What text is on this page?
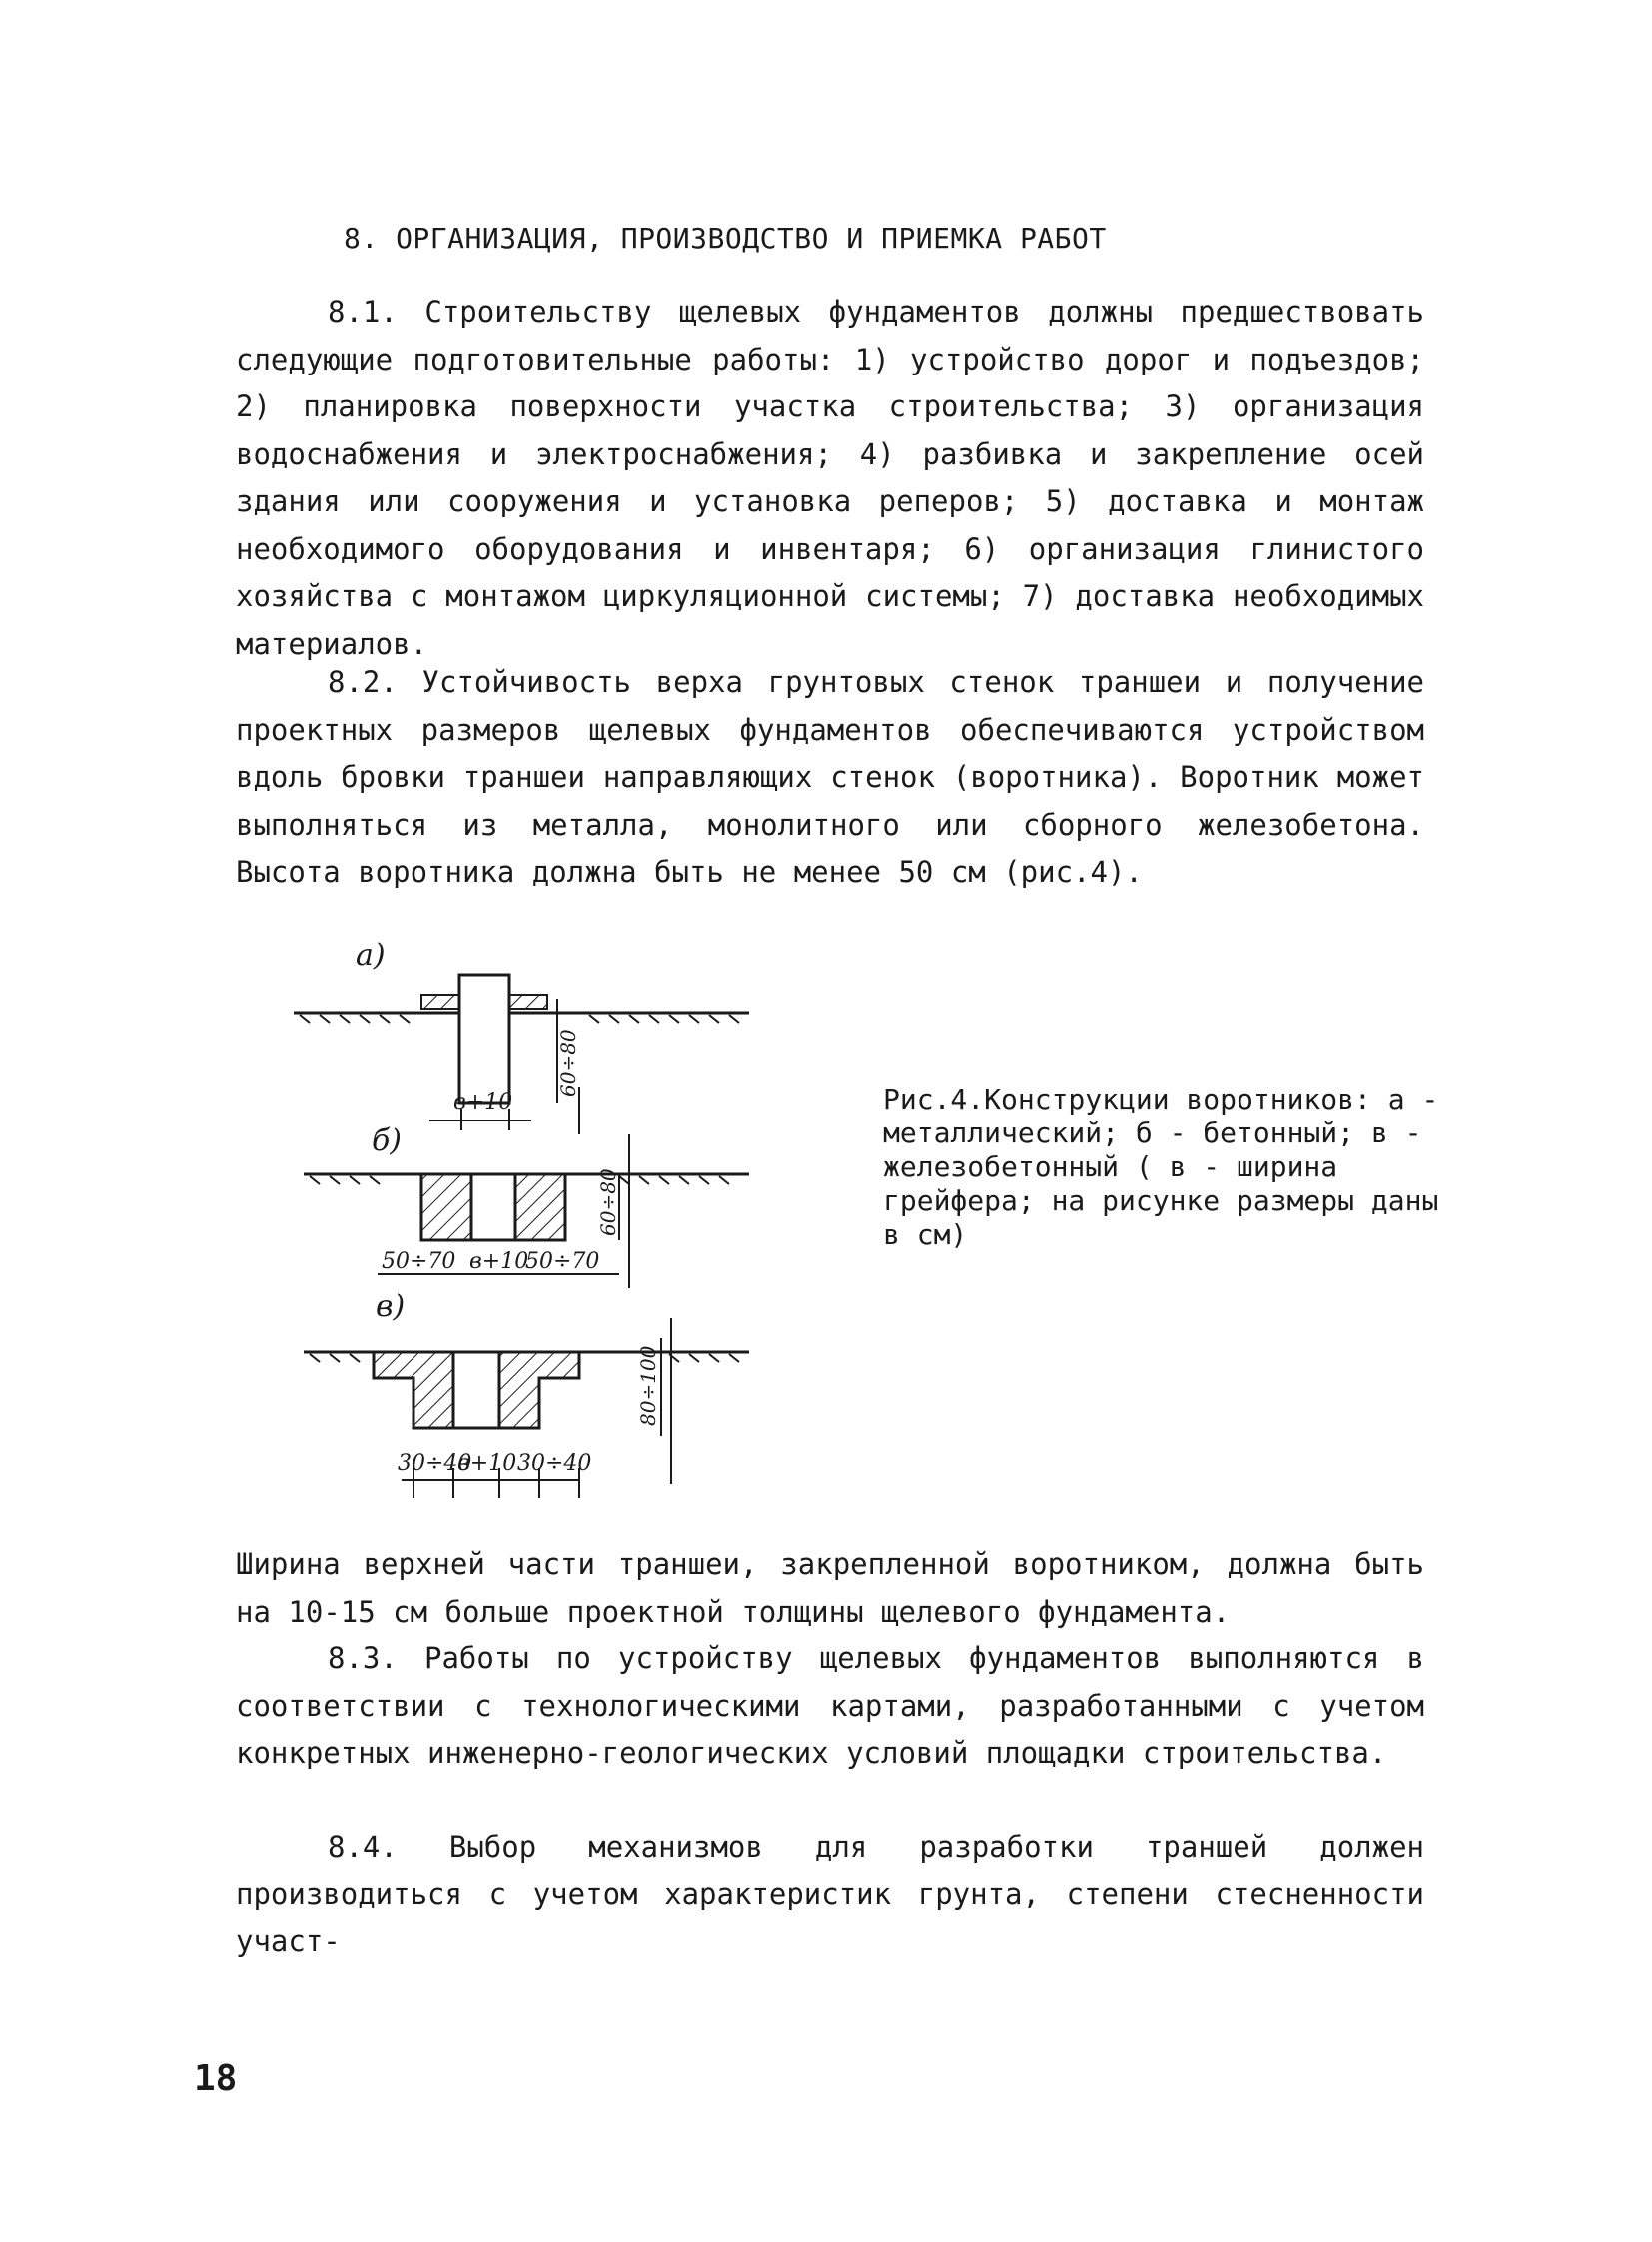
8. ОРГАНИЗАЦИЯ, ПРОИЗВОДСТВО И ПРИЕМКА РАБОТ

8.1. Строительству щелевых фундаментов должны предшествовать следующие подготовительные работы: 1) устройство дорог и подъездов; 2) планировка поверхности участка строительства; 3) организация водоснабжения и электроснабжения; 4) разбивка и закрепление осей здания или сооружения и установка реперов; 5) доставка и монтаж необходимого оборудования и инвентаря; 6) организация глинистого хозяйства с монтажом циркуляционной системы; 7) доставка необходимых материалов.

8.2. Устойчивость верха грунтовых стенок траншеи и получение проектных размеров щелевых фундаментов обеспечиваются устройством вдоль бровки траншеи направляющих стенок (воротника). Воротник может выполняться из металла, монолитного или сборного железобетона. Высота воротника должна быть не менее 50 см (рис.4).

а)
60÷80
в+10
б)
60÷80
50÷70 в+10
50÷70
в)
80÷100
30÷40
в+10 30÷40

Рис.4.Конструкции воротников: а - металлический; б - бетонный; в - железобетонный ( в - ширина грейфера; на рисунке размеры даны в см)

Ширина верхней части траншеи, закрепленной воротником, должна быть на 10-15 см больше проектной толщины щелевого фундамента.

8.3. Работы по устройству щелевых фундаментов выполняются в соответствии с технологическими картами, разработанными с учетом конкретных инженерно-геологических условий площадки строительства.

8.4. Выбор механизмов для разработки траншей должен производиться с учетом характеристик грунта, степени стесненности участ-

18
